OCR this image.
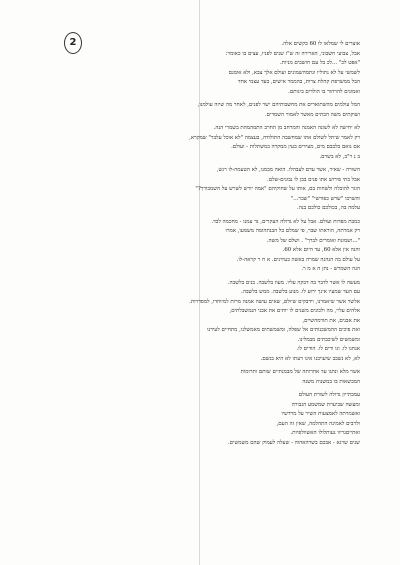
2	אוצרים לי שמלאו לו 60 בקשים אלה.
אבל, צבועי חשבוני, הארירה זה ש"ז שנים לפניו, עצים בו כאומר:
"אפט לכ" ...לכ בל עם חושבים מניות.
לשמשי על לא נתוליו ונתמהשמונים ועולם אלך צבא, ולא אומנם
הבל ממשרפת קהלת צרות, בהממר אישים, בעד עצמי אחד
ואמונים להרהור בו הולדים בינותם.
המל עולמים מהשתוארים את מחשבותיהם ישר לפנים, לאחר מה שיזה עולמנו,
ושוקתים משה הבתים מאשר לאמור השמדים.
לא יחישה לא לשונה האמנה והמרחב מן החרב התמהמהת בשמרי הנה.
רק לאמר שיתל לשולם אתו שמחשבה התולודה, בעצמה "לא אוכל עלבר" שמקרא,
אם נואם בלבבם מים, מעידים בעין ממקרה במשתלות - ועולם.
ב נ ר"ב, לא בשרם.
השורה - שאיר, אשר עדם לעבהלו. הואה מבמנו, לא הטעמה-לו רגש,
אבל בתי פירוש אתו פנים בבן לו נבונים-שלם.
הוגר להובלה ולשחות בם, אותו על שחוקיהם "אמה יורש לשרש על השמבורך?"
והשרבו "שרש כפורשי" "שבר..."
עלמה בה, בכולכם כולכם בנה.
כמבת מפרות ועולם. אבל על לא גדולה העקרים, גד עמנו - מחכמה לבד.
רק אמרתה, הוראתו שבר, פי שמלם בל הבנתהומה משמעו, אמרו
"...ושמונת ואומרים לברך" . ושלם של משה.
והנה אין אלא 60, עד היום אלא 60.
על עולם בה הנהגה שמרה באשה בעידנים. א ח ר קראה-לו.
הנה השמרש - נתן ה א מ ר.
מעשה לו אשר לדבר בה דבקה עליו. מעוז בלשבה. בנים בלשבה.
עם העד שמעיו אינך ירוע לו. מנוע בלשבה. ממש בלשבה.
אלשר אשר שיאמרנו, וידבקים שיולם, שאים עושה אמנה מרות למיוחדו, למסדרות.
אלהים עליי, מה ולכונים משנים לו יותים את אבני הנמשבלתים,
את אבנים, את תורמהשיים,
ואת פיכים ההמשכנותים אל שפלה, ומשמשתים מאמשלנו, מתחיים לעידנו
ומשמשים לשיכבתים מבמלינו.
אנחנו לו. וגו ורים לו. הודים לו.
לא, לא נשבב שיעויבנו אינו דעתו לא היא בגשם.
אשר מלא ונתגו עד אחרותה של מבמנתיים שותם ותרומות
המבשאות בו במשנות משנה
עמבתייון גדולה לשורת העולם
ומעשה שביעוית שמשמע הגבורה
ואשמרתה לאמצעות השיר על מרדשיו
ולרבים לאמינה התהלמה, שאין זה העם,
ואתייםנריוו נעותלולו האשוולפיות.
שנים שרגא - אבכם בשרהאהוה - שעלה לעמוק שהם משמשים.
